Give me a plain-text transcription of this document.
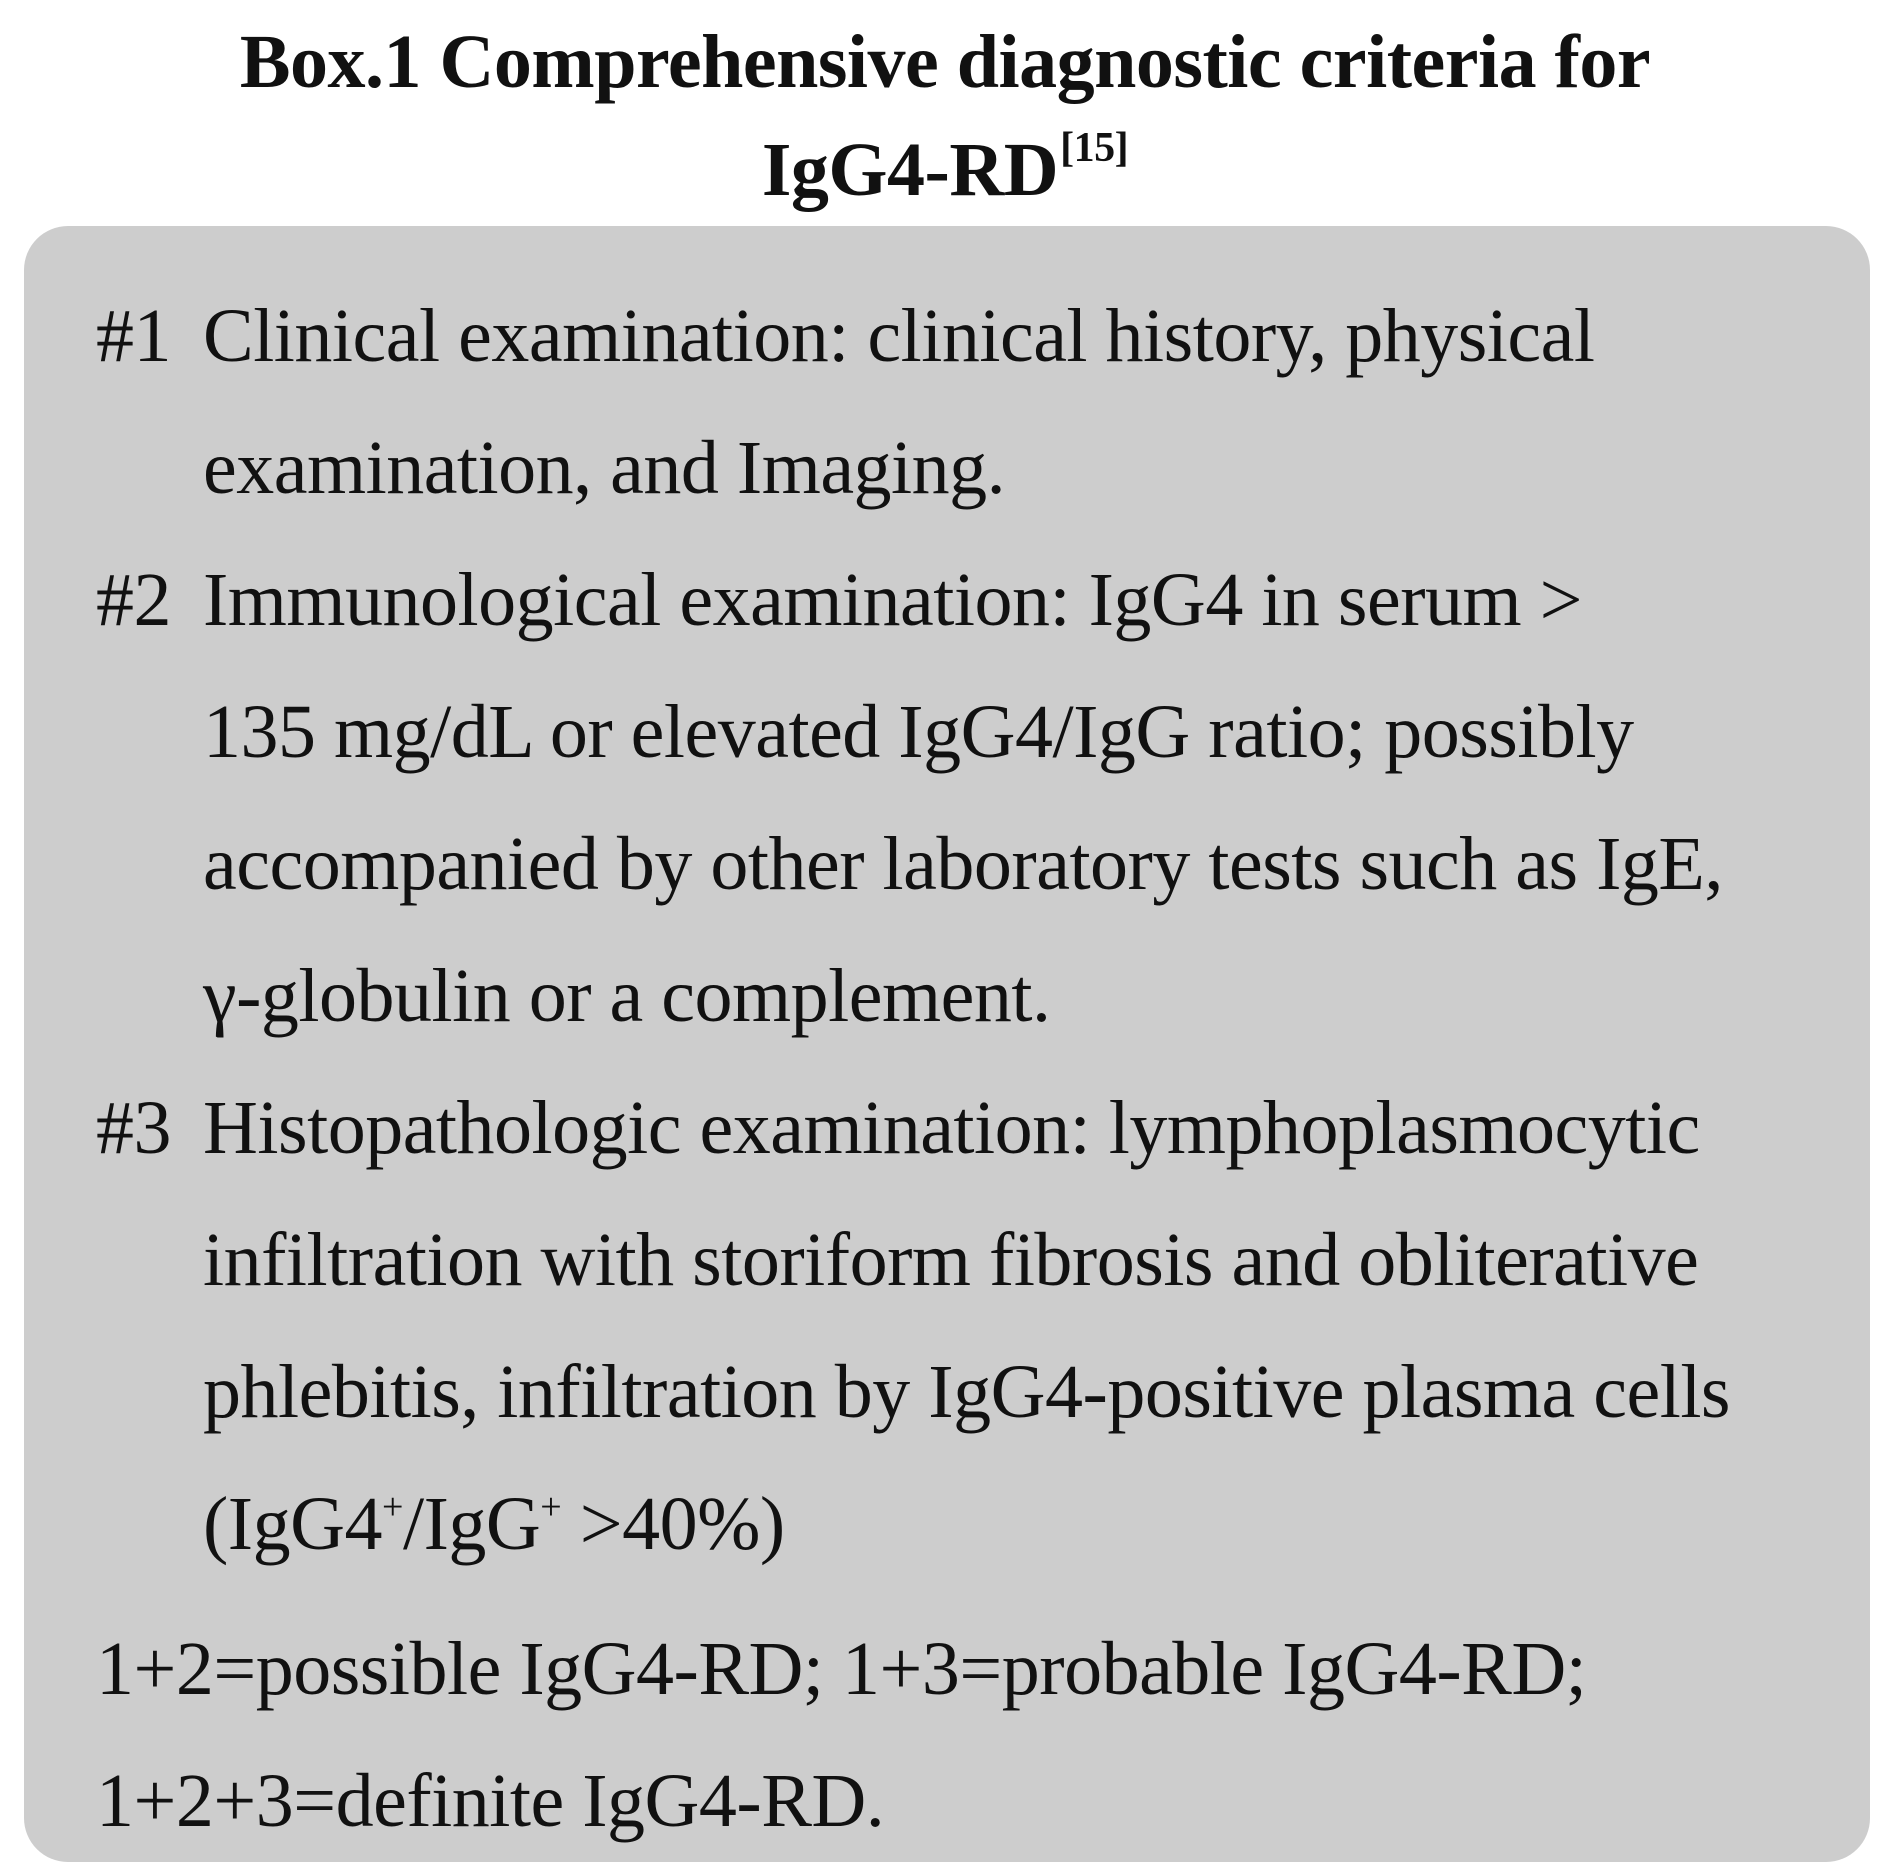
Box.1 Comprehensive diagnostic criteria for
IgG4-RD[15]
#1 Clinical examination: clinical history, physical
examination, and Imaging.
#2 Immunological examination: IgG4 in serum >
135 mg/dL or elevated IgG4/IgG ratio; possibly
accompanied by other laboratory tests such as IgE,
γ-globulin or a complement.
#3 Histopathologic examination: lymphoplasmocytic
infiltration with storiform fibrosis and obliterative
phlebitis, infiltration by IgG4-positive plasma cells
(IgG4+/IgG+ >40%)
1+2=possible IgG4-RD; 1+3=probable IgG4-RD;
1+2+3=definite IgG4-RD.
